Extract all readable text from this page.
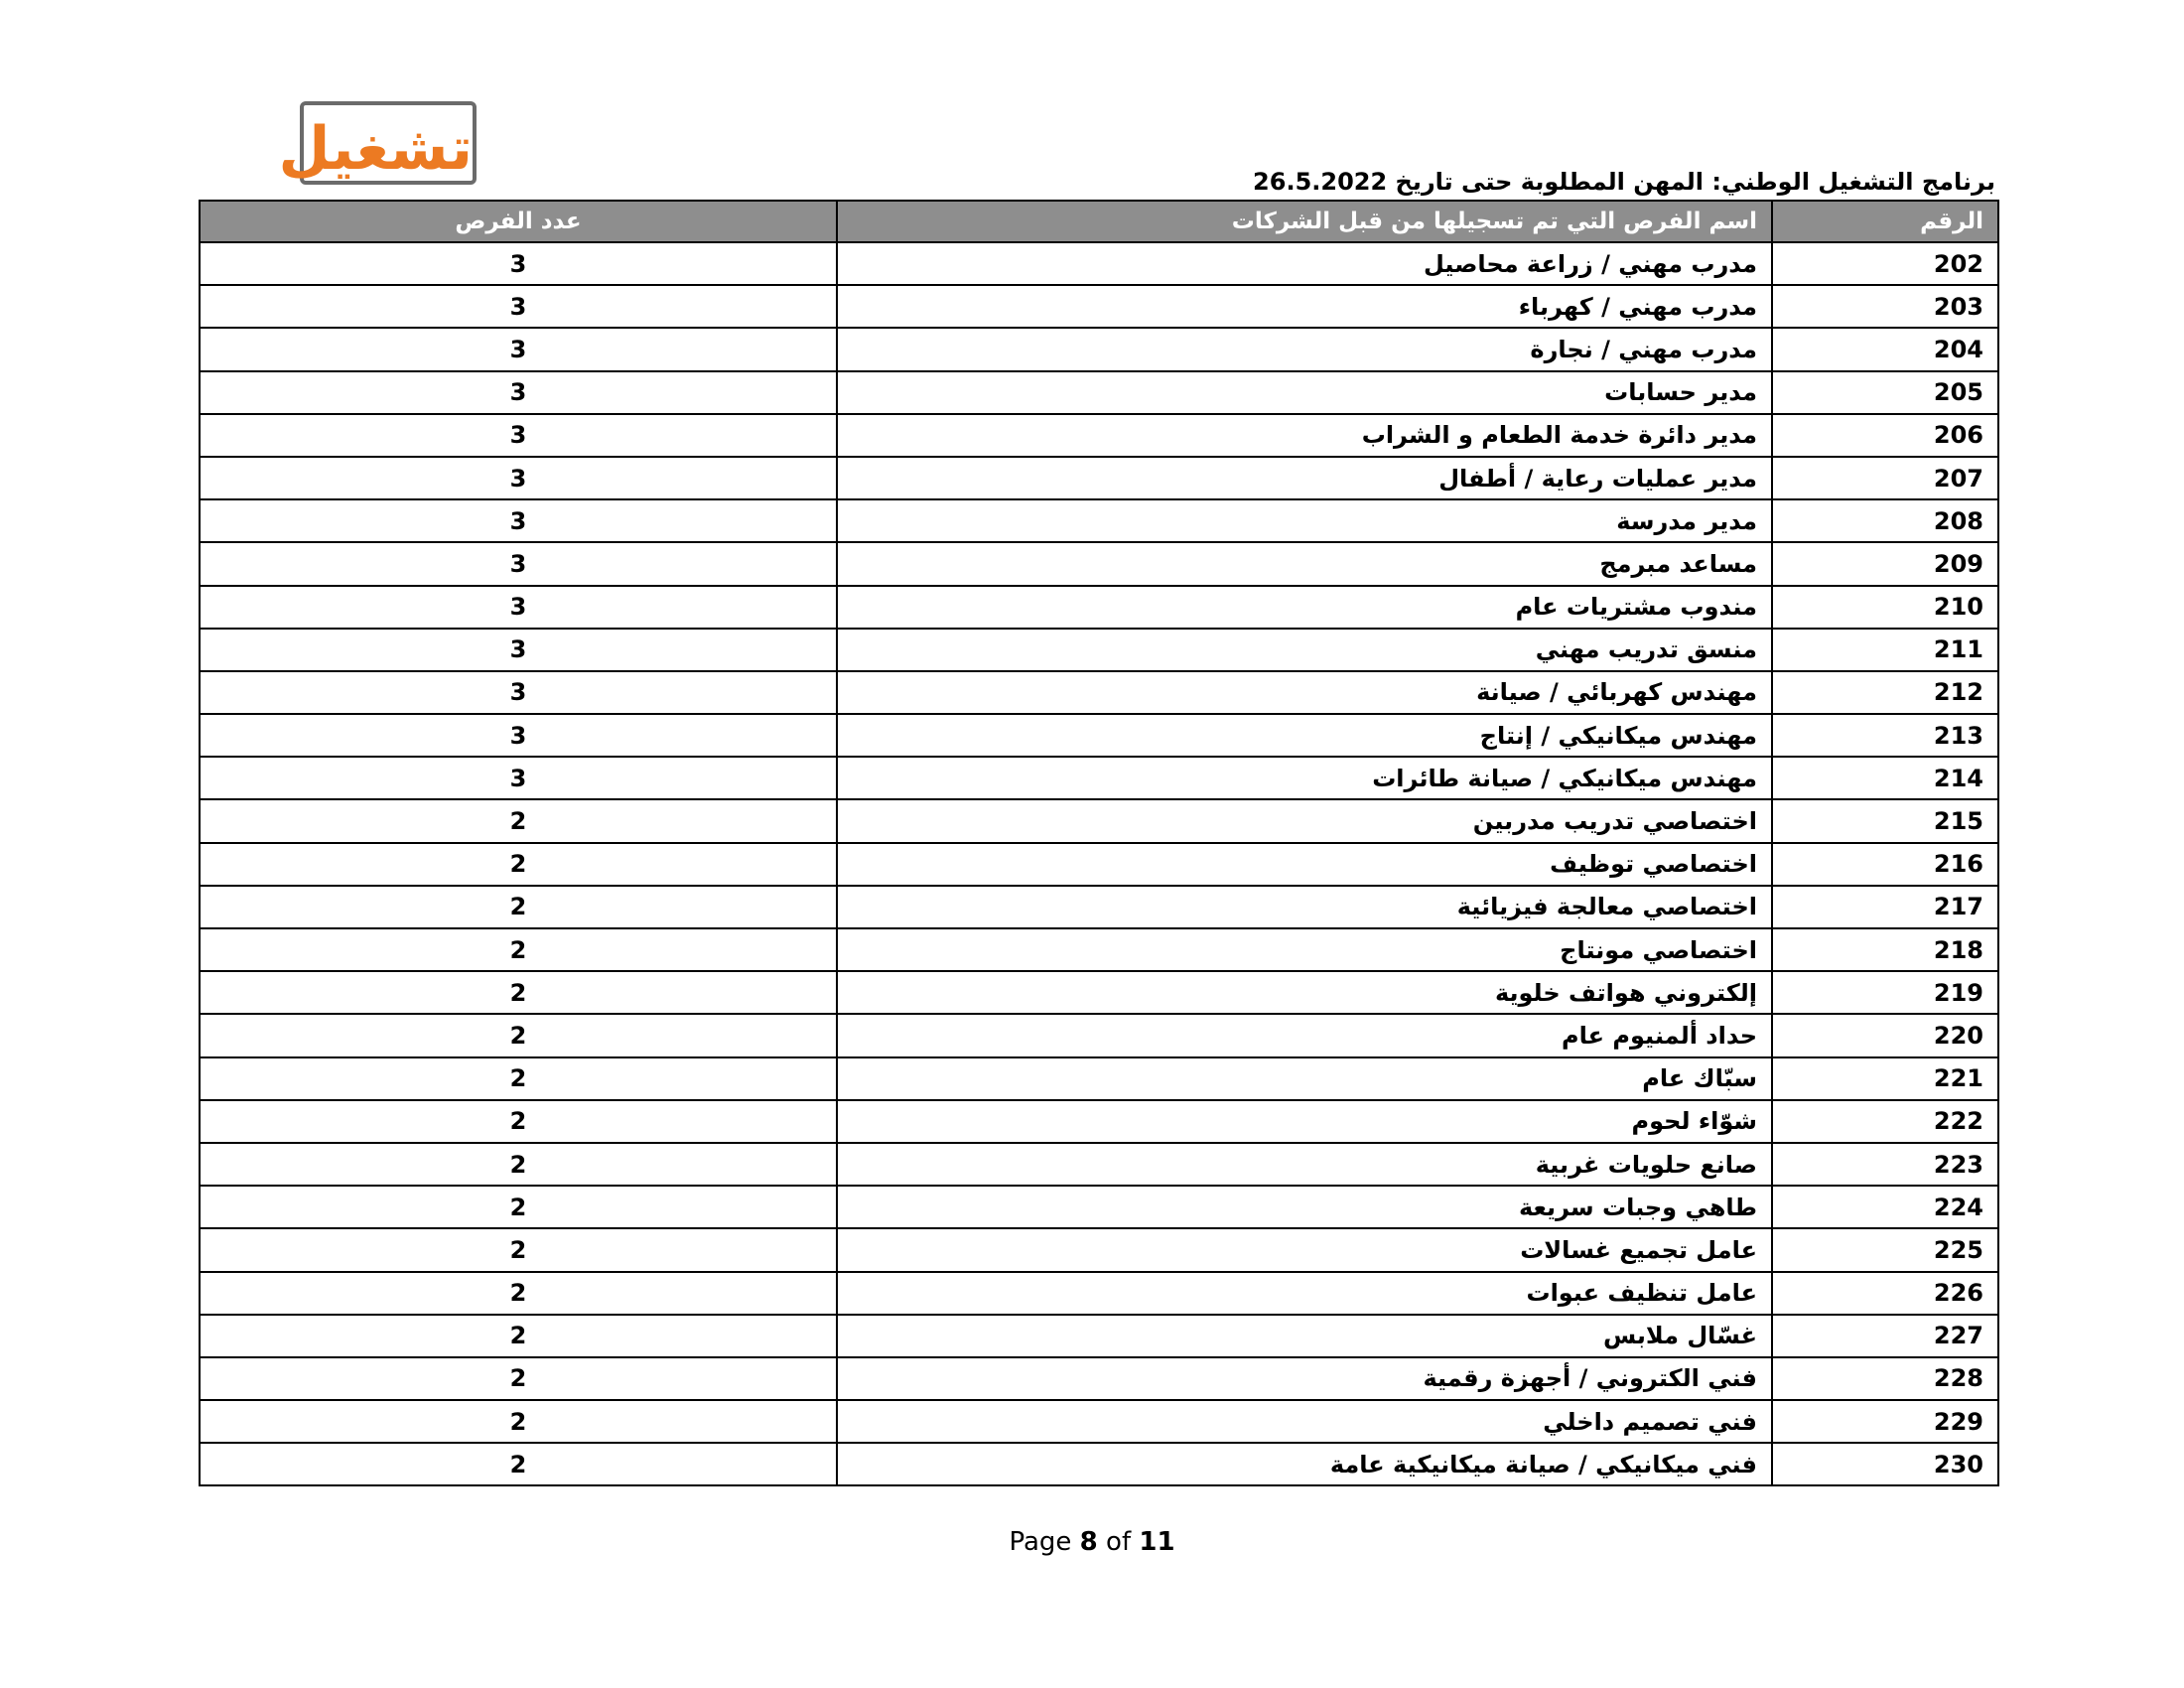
تشغيل	برنامج التشغيل الوطني: المهن المطلوبة حتى تاريخ 26.5.2022
الرقم	اسم الفرص التي تم تسجيلها من قبل الشركات	عدد الفرص
202	مدرب مهني / زراعة محاصيل	3
203	مدرب مهني / كهرباء	3
204	مدرب مهني / نجارة	3
205	مدير حسابات	3
206	مدير دائرة خدمة الطعام و الشراب	3
207	مدير عمليات رعاية / أطفال	3
208	مدير مدرسة	3
209	مساعد مبرمج	3
210	مندوب مشتريات عام	3
211	منسق تدريب مهني	3
212	مهندس كهربائي / صيانة	3
213	مهندس ميكانيكي / إنتاج	3
214	مهندس ميكانيكي / صيانة طائرات	3
215	اختصاصي تدريب مدربين	2
216	اختصاصي توظيف	2
217	اختصاصي معالجة فيزيائية	2
218	اختصاصي مونتاج	2
219	إلكتروني هواتف خلوية	2
220	حداد ألمنيوم عام	2
221	سبّاك عام	2
222	شوّاء لحوم	2
223	صانع حلويات غربية	2
224	طاهي وجبات سريعة	2
225	عامل تجميع غسالات	2
226	عامل تنظيف عبوات	2
227	غسّال ملابس	2
228	فني الكتروني / أجهزة رقمية	2
229	فني تصميم داخلي	2
230	فني ميكانيكي / صيانة ميكانيكية عامة	2
Page 8 of 11
